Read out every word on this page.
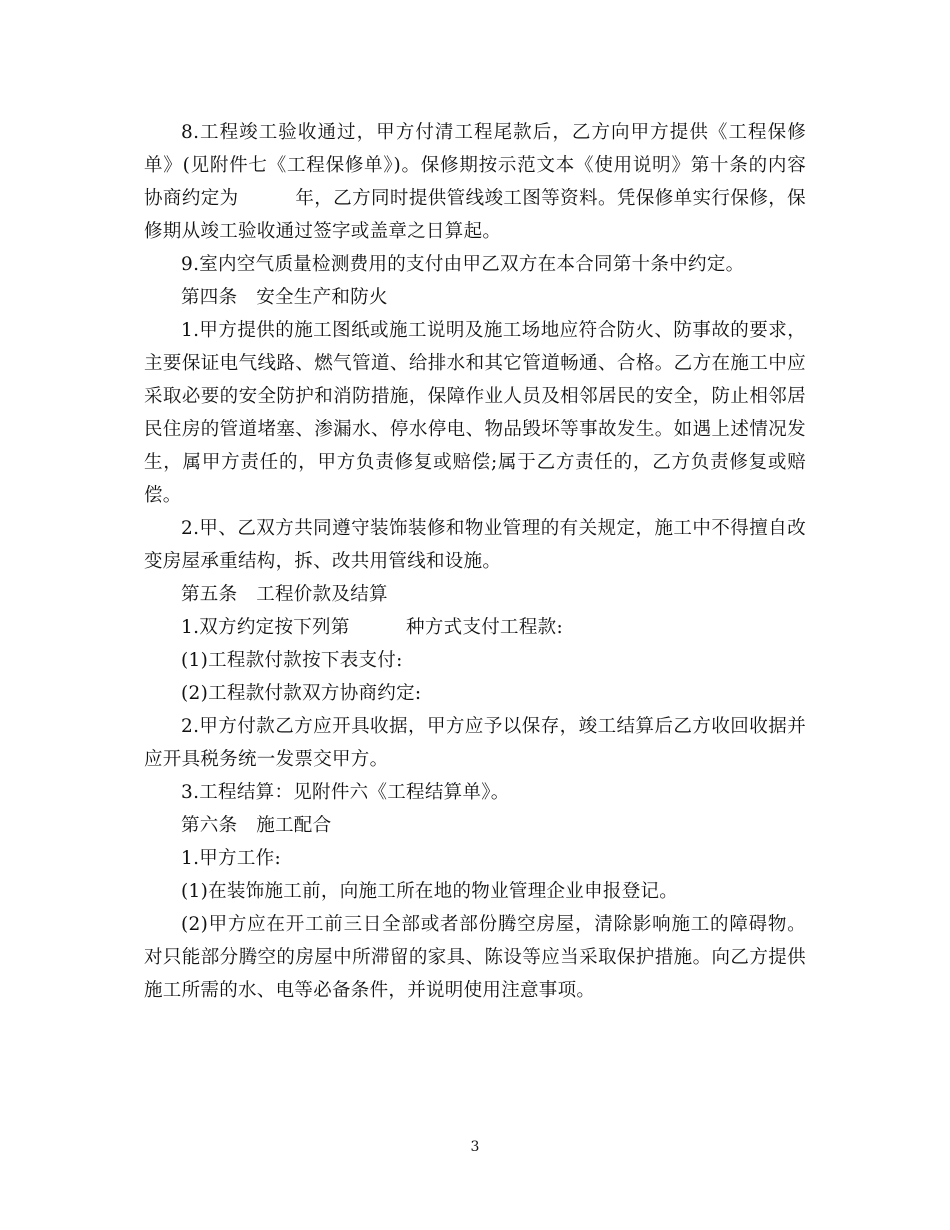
8.工程竣工验收通过，甲方付清工程尾款后，乙方向甲方提供《工程保修单》(见附件七《工程保修单》)。保修期按示范文本《使用说明》第十条的内容协商约定为　　　年，乙方同时提供管线竣工图等资料。凭保修单实行保修，保修期从竣工验收通过签字或盖章之日算起。

9.室内空气质量检测费用的支付由甲乙双方在本合同第十条中约定。

第四条　安全生产和防火

1.甲方提供的施工图纸或施工说明及施工场地应符合防火、防事故的要求，主要保证电气线路、燃气管道、给排水和其它管道畅通、合格。乙方在施工中应采取必要的安全防护和消防措施，保障作业人员及相邻居民的安全，防止相邻居民住房的管道堵塞、渗漏水、停水停电、物品毁坏等事故发生。如遇上述情况发生，属甲方责任的，甲方负责修复或赔偿;属于乙方责任的，乙方负责修复或赔偿。

2.甲、乙双方共同遵守装饰装修和物业管理的有关规定，施工中不得擅自改变房屋承重结构，拆、改共用管线和设施。

第五条　工程价款及结算

1.双方约定按下列第　　　种方式支付工程款:

(1)工程款付款按下表支付:

(2)工程款付款双方协商约定:

2.甲方付款乙方应开具收据，甲方应予以保存，竣工结算后乙方收回收据并应开具税务统一发票交甲方。

3.工程结算：见附件六《工程结算单》。

第六条　施工配合

1.甲方工作:

(1)在装饰施工前，向施工所在地的物业管理企业申报登记。

(2)甲方应在开工前三日全部或者部份腾空房屋，清除影响施工的障碍物。对只能部分腾空的房屋中所滞留的家具、陈设等应当采取保护措施。向乙方提供施工所需的水、电等必备条件，并说明使用注意事项。

3
